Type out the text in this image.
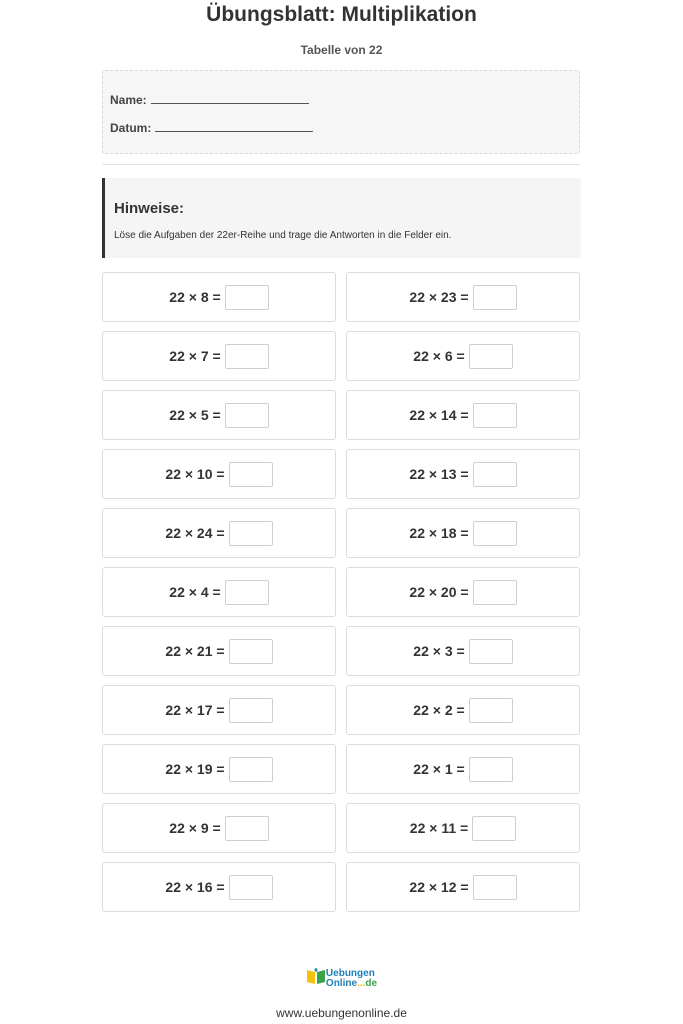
Übungsblatt: Multiplikation
Tabelle von 22
Name:
Datum:
Hinweise:
Löse die Aufgaben der 22er-Reihe und trage die Antworten in die Felder ein.
22 × 8 =	22 × 23 =
22 × 7 =	22 × 6 =
22 × 5 =	22 × 14 =
22 × 10 =	22 × 13 =
22 × 24 =	22 × 18 =
22 × 4 =	22 × 20 =
22 × 21 =	22 × 3 =
22 × 17 =	22 × 2 =
22 × 19 =	22 × 1 =
22 × 9 =	22 × 11 =
22 × 16 =	22 × 12 =
Uebungen
Online...de
www.uebungenonline.de
